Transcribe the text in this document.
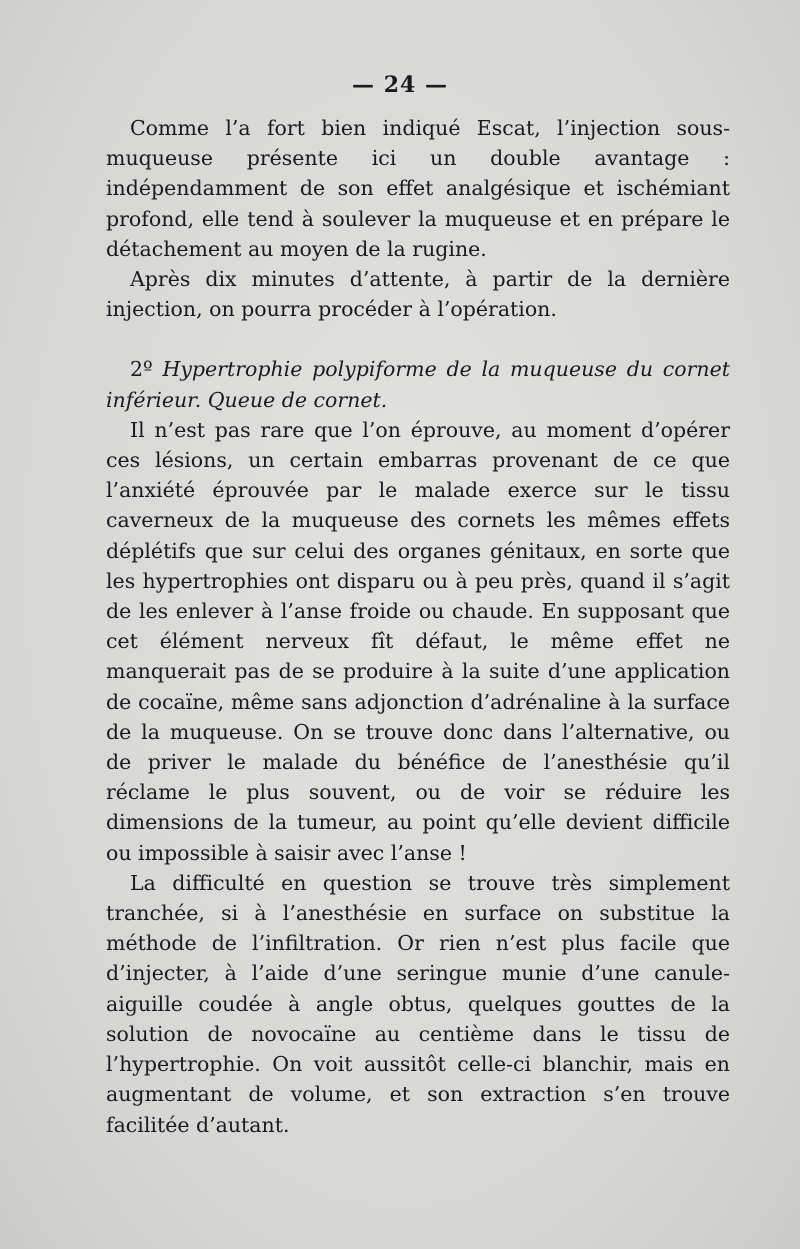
— 24 —

Comme l’a fort bien indiqué Escat, l’injection sous-muqueuse présente ici un double avantage : indépendamment de son effet analgésique et ischémiant profond, elle tend à soulever la muqueuse et en prépare le détachement au moyen de la rugine.

Après dix minutes d’attente, à partir de la dernière injection, on pourra procéder à l’opération.

2º Hypertrophie polypiforme de la muqueuse du cornet inférieur. Queue de cornet.

Il n’est pas rare que l’on éprouve, au moment d’opérer ces lésions, un certain embarras provenant de ce que l’anxiété éprouvée par le malade exerce sur le tissu caverneux de la muqueuse des cornets les mêmes effets déplétifs que sur celui des organes génitaux, en sorte que les hypertrophies ont disparu ou à peu près, quand il s’agit de les enlever à l’anse froide ou chaude. En supposant que cet élément nerveux fît défaut, le même effet ne manquerait pas de se produire à la suite d’une application de cocaïne, même sans adjonction d’adrénaline à la surface de la muqueuse. On se trouve donc dans l’alternative, ou de priver le malade du bénéfice de l’anesthésie qu’il réclame le plus souvent, ou de voir se réduire les dimensions de la tumeur, au point qu’elle devient difficile ou impossible à saisir avec l’anse !

La difficulté en question se trouve très simplement tranchée, si à l’anesthésie en surface on substitue la méthode de l’infiltration. Or rien n’est plus facile que d’injecter, à l’aide d’une seringue munie d’une canule-aiguille coudée à angle obtus, quelques gouttes de la solution de novocaïne au centième dans le tissu de l’hypertrophie. On voit aussitôt celle-ci blanchir, mais en augmentant de volume, et son extraction s’en trouve facilitée d’autant.
